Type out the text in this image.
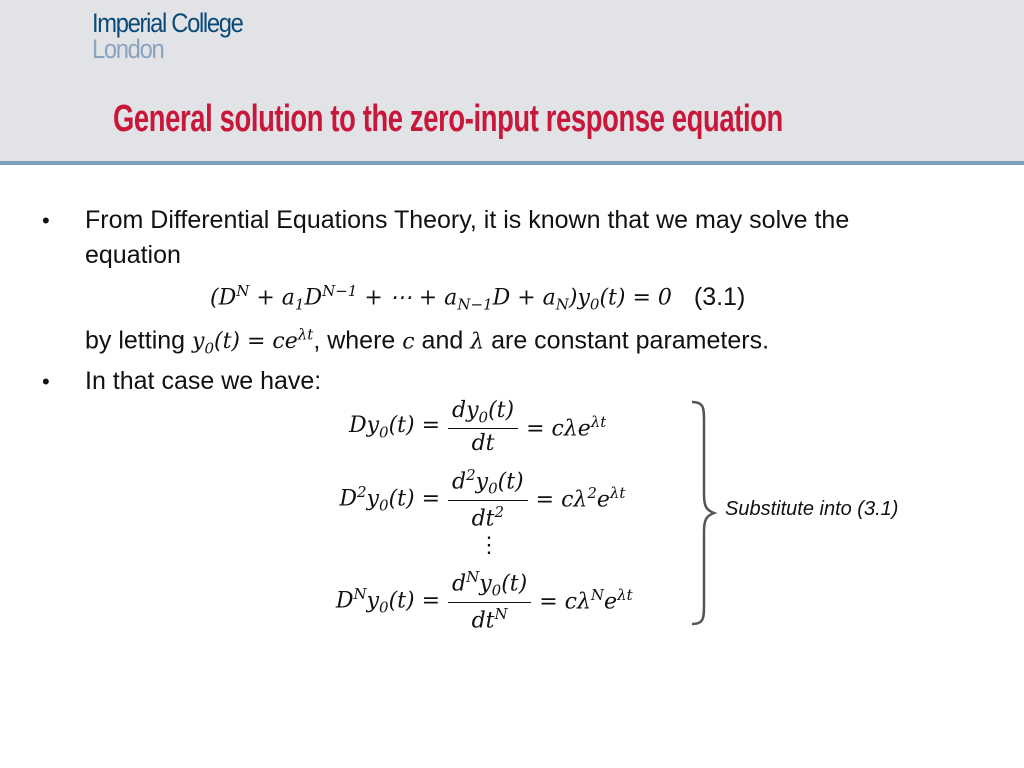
Imperial College
London
General solution to the zero-input response equation
• From Differential Equations Theory, it is known that we may solve the
equation
($D^N + a_1D^{N-1}$ + ⋯ + $a_{N-1}D + a_N)y_0(t) = 0$ (3.1)
by letting $y_0(t) = ce^{\lambda t}$, where c and λ are constant parameters.
• In that case we have:
$Dy_0(t) = \frac{dy_0(t)}{dt} = c\lambda e^{\lambda t}$
$D^2y_0(t) = \frac{d^2y_0(t)}{dt^2} = c\lambda^2e^{\lambda t}$
⋮
$D^Ny_0(t) = \frac{d^Ny_0(t)}{dt^N} = c\lambda^Ne^{\lambda t}$
Substitute into (3.1)
